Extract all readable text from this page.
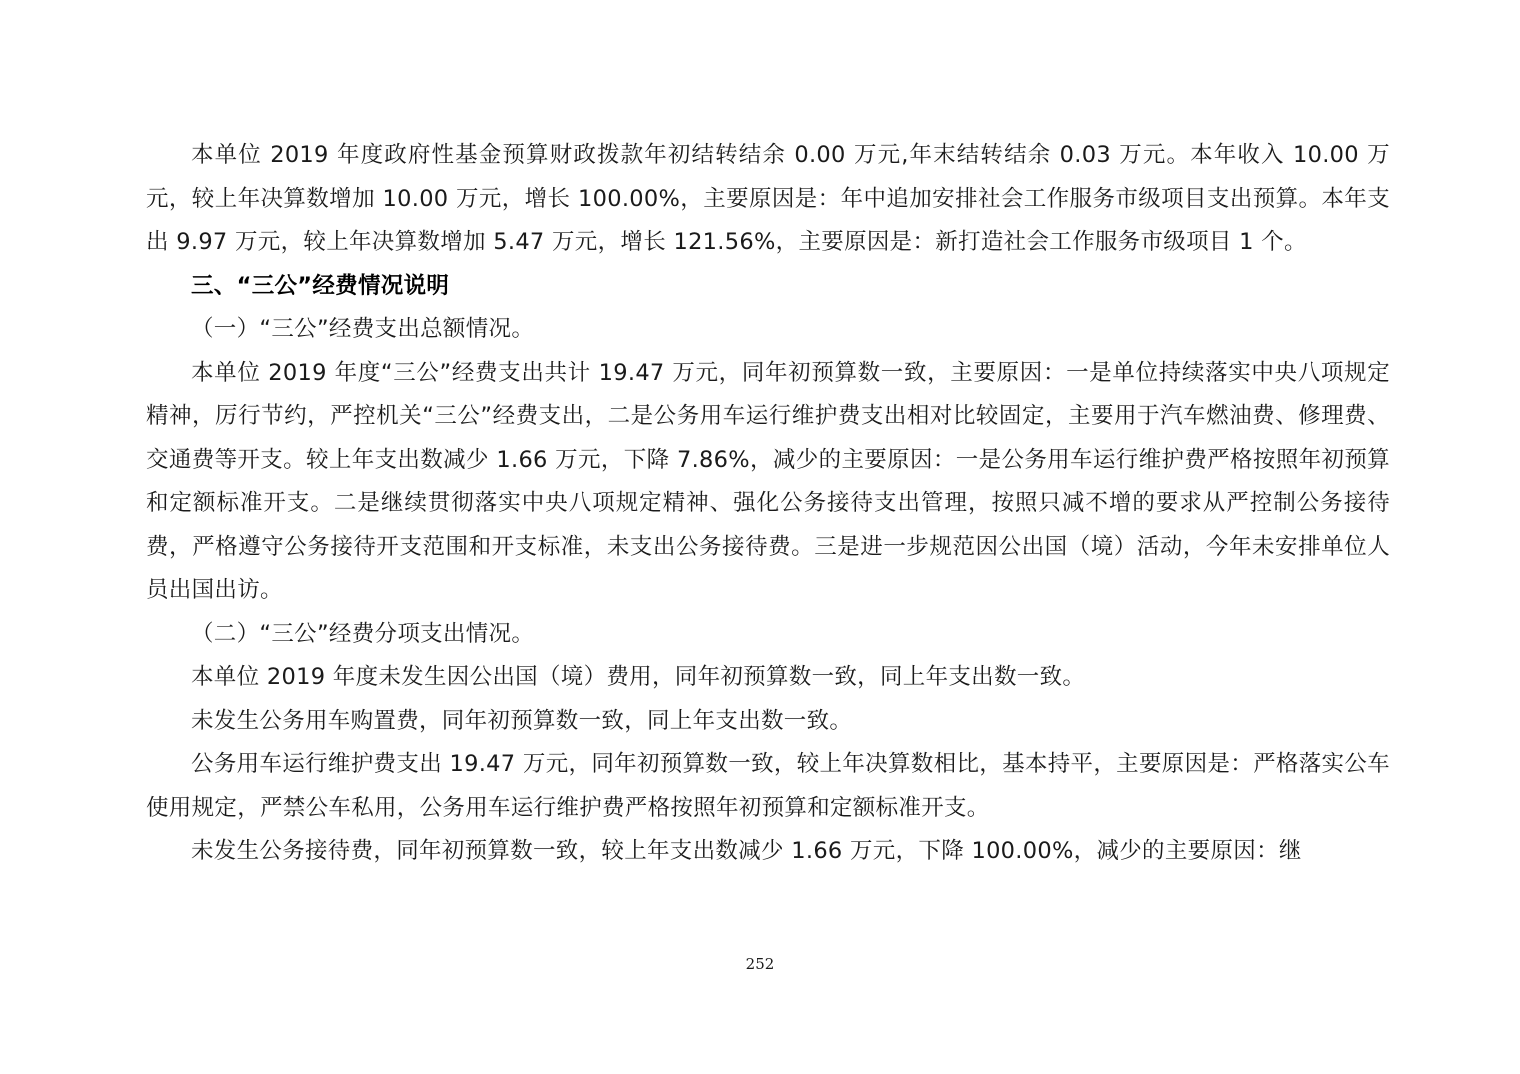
本单位 2019 年度政府性基金预算财政拨款年初结转结余 0.00 万元,年末结转结余 0.03 万元。本年收入 10.00 万元，较上年决算数增加 10.00 万元，增长 100.00%，主要原因是：年中追加安排社会工作服务市级项目支出预算。本年支出 9.97 万元，较上年决算数增加 5.47 万元，增长 121.56%，主要原因是：新打造社会工作服务市级项目 1 个。

三、“三公”经费情况说明

（一）“三公”经费支出总额情况。

本单位 2019 年度“三公”经费支出共计 19.47 万元，同年初预算数一致，主要原因：一是单位持续落实中央八项规定精神，厉行节约，严控机关“三公”经费支出，二是公务用车运行维护费支出相对比较固定，主要用于汽车燃油费、修理费、交通费等开支。较上年支出数减少 1.66 万元，下降 7.86%，减少的主要原因：一是公务用车运行维护费严格按照年初预算和定额标准开支。二是继续贯彻落实中央八项规定精神、强化公务接待支出管理，按照只减不增的要求从严控制公务接待费，严格遵守公务接待开支范围和开支标准，未支出公务接待费。三是进一步规范因公出国（境）活动，今年未安排单位人员出国出访。

（二）“三公”经费分项支出情况。

本单位 2019 年度未发生因公出国（境）费用，同年初预算数一致，同上年支出数一致。

未发生公务用车购置费，同年初预算数一致，同上年支出数一致。

公务用车运行维护费支出 19.47 万元，同年初预算数一致，较上年决算数相比，基本持平，主要原因是：严格落实公车使用规定，严禁公车私用，公务用车运行维护费严格按照年初预算和定额标准开支。

未发生公务接待费，同年初预算数一致，较上年支出数减少 1.66 万元，下降 100.00%，减少的主要原因：继

252
